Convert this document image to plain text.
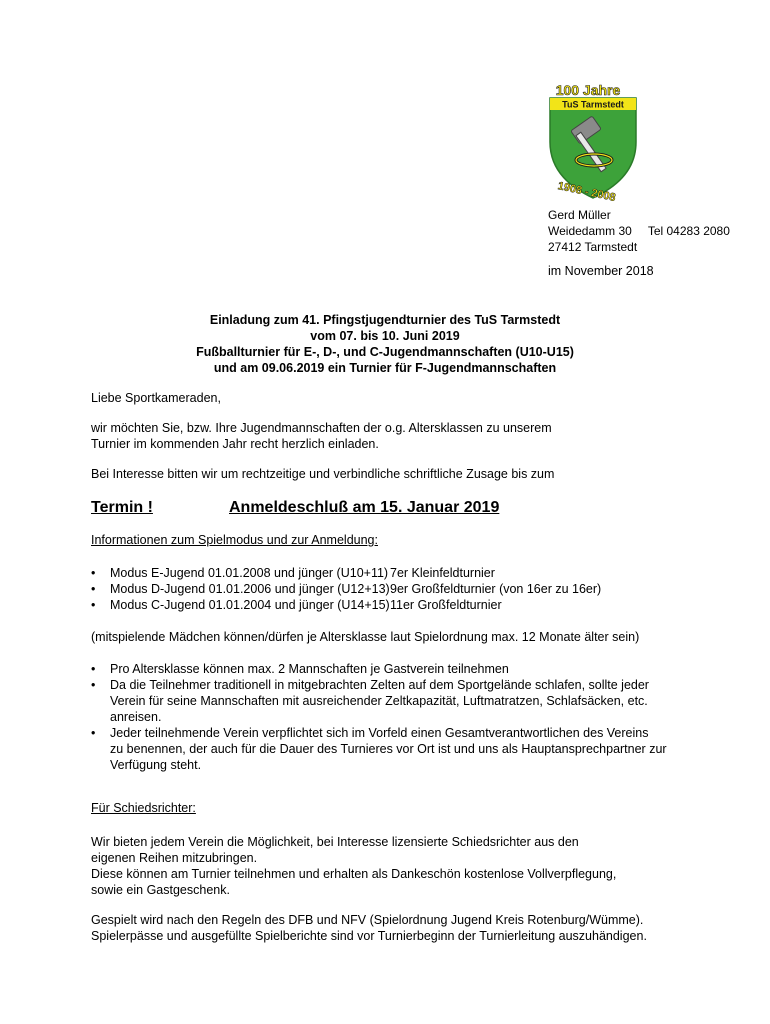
100 Jahre
TuS Tarmstedt
1908 - 2008
Gerd Müller
Weidedamm 30 Tel 04283 2080
27412 Tarmstedt
im November 2018
Einladung zum 41. Pfingstjugendturnier des TuS Tarmstedt
vom 07. bis 10. Juni 2019
Fußballturnier für E-, D-, und C-Jugendmannschaften (U10-U15)
und am 09.06.2019 ein Turnier für F-Jugendmannschaften

Liebe Sportkameraden,

wir möchten Sie, bzw. Ihre Jugendmannschaften der o.g. Altersklassen zu unserem
Turnier im kommenden Jahr recht herzlich einladen.

Bei Interesse bitten wir um rechtzeitige und verbindliche schriftliche Zusage bis zum

Termin !	Anmeldeschluß am 15. Januar 2019

Informationen zum Spielmodus und zur Anmeldung:

• Modus E-Jugend 01.01.2008 und jünger (U10+11) 7er Kleinfeldturnier
• Modus D-Jugend 01.01.2006 und jünger (U12+13)9er Großfeldturnier (von 16er zu 16er)
• Modus C-Jugend 01.01.2004 und jünger (U14+15)11er Großfeldturnier

(mitspielende Mädchen können/dürfen je Altersklasse laut Spielordnung max. 12 Monate älter sein)

• Pro Altersklasse können max. 2 Mannschaften je Gastverein teilnehmen
• Da die Teilnehmer traditionell in mitgebrachten Zelten auf dem Sportgelände schlafen, sollte jeder
Verein für seine Mannschaften mit ausreichender Zeltkapazität, Luftmatratzen, Schlafsäcken, etc.
anreisen.
• Jeder teilnehmende Verein verpflichtet sich im Vorfeld einen Gesamtverantwortlichen des Vereins
zu benennen, der auch für die Dauer des Turnieres vor Ort ist und uns als Hauptansprechpartner zur
Verfügung steht.

Für Schiedsrichter:

Wir bieten jedem Verein die Möglichkeit, bei Interesse lizensierte Schiedsrichter aus den
eigenen Reihen mitzubringen.
Diese können am Turnier teilnehmen und erhalten als Dankeschön kostenlose Vollverpflegung,
sowie ein Gastgeschenk.
Gespielt wird nach den Regeln des DFB und NFV (Spielordnung Jugend Kreis Rotenburg/Wümme).
Spielerpässe und ausgefüllte Spielberichte sind vor Turnierbeginn der Turnierleitung auszuhändigen.
